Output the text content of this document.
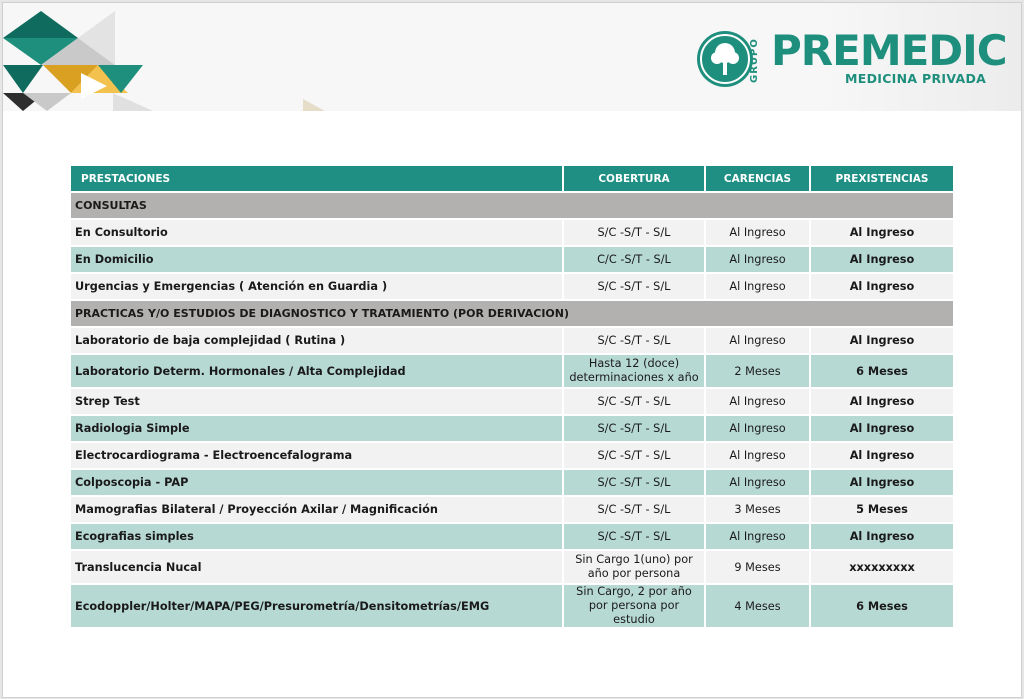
GRUPO PREMEDIC
MEDICINA PRIVADA
PRESTACIONES	COBERTURA	CARENCIAS	PREXISTENCIAS
CONSULTAS			
En Consultorio	S/C -S/T - S/L	Al Ingreso	Al Ingreso
En Domicilio	C/C -S/T - S/L	Al Ingreso	Al Ingreso
Urgencias y Emergencias ( Atención en Guardia )	S/C -S/T - S/L	Al Ingreso	Al Ingreso
PRACTICAS Y/O ESTUDIOS DE DIAGNOSTICO Y TRATAMIENTO (POR DERIVACION)			
Laboratorio de baja complejidad ( Rutina )	S/C -S/T - S/L	Al Ingreso	Al Ingreso
Laboratorio Determ. Hormonales / Alta Complejidad	Hasta 12 (doce) determinaciones x año	2 Meses	6 Meses
Strep Test	S/C -S/T - S/L	Al Ingreso	Al Ingreso
Radiologia Simple	S/C -S/T - S/L	Al Ingreso	Al Ingreso
Electrocardiograma - Electroencefalograma	S/C -S/T - S/L	Al Ingreso	Al Ingreso
Colposcopia - PAP	S/C -S/T - S/L	Al Ingreso	Al Ingreso
Mamografias Bilateral / Proyección Axilar / Magnificación	S/C -S/T - S/L	3 Meses	5 Meses
Ecografias simples	S/C -S/T - S/L	Al Ingreso	Al Ingreso
Translucencia Nucal	Sin Cargo 1(uno) por año por persona	9 Meses	xxxxxxxxx
Ecodoppler/Holter/MAPA/PEG/Presurometría/Densitometrías/EMG	Sin Cargo, 2 por año por persona por estudio	4 Meses	6 Meses
